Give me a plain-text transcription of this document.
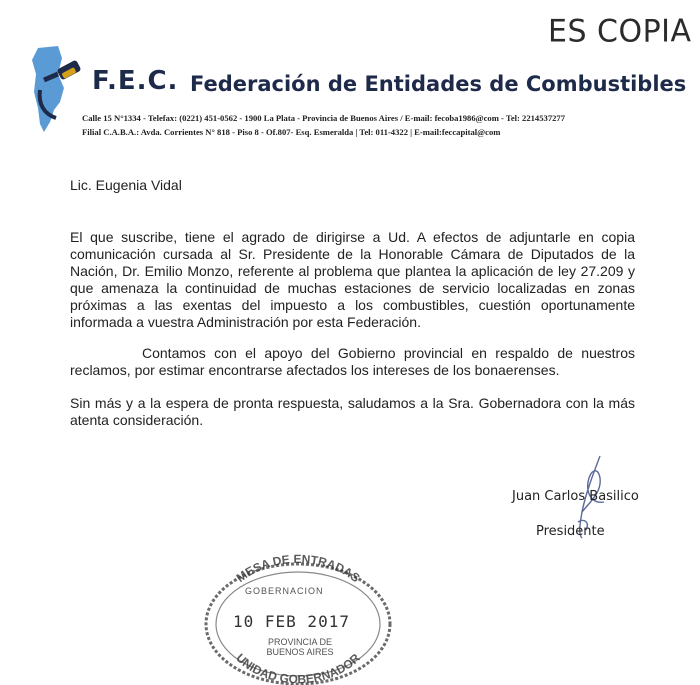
ES COPIA
F.E.C. Federación de Entidades de Combustibles
Calle 15 N°1334 - Telefax: (0221) 451-0562 - 1900 La Plata - Provincia de Buenos Aires / E-mail: fecoba1986@com - Tel: 2214537277
Filial C.A.B.A.: Avda. Corrientes N° 818 - Piso 8 - Of.807- Esq. Esmeralda | Tel: 011-4322 | E-mail:feccapital@com
Lic. Eugenia Vidal
El que suscribe, tiene el agrado de dirigirse a Ud. A efectos de adjuntarle en copia comunicación cursada al Sr. Presidente de la Honorable Cámara de Diputados de la Nación, Dr. Emilio Monzo, referente al problema que plantea la aplicación de ley 27.209 y que amenaza la continuidad de muchas estaciones de servicio localizadas en zonas próximas a las exentas del impuesto a los combustibles, cuestión oportunamente informada a vuestra Administración por esta Federación.
Contamos con el apoyo del Gobierno provincial en respaldo de nuestros reclamos, por estimar encontrarse afectados los intereses de los bonaerenses.
Sin más y a la espera de pronta respuesta, saludamos a la Sra. Gobernadora con la más atenta consideración.
Juan Carlos Basilico
Presidente
MESA DE ENTRADAS
UNIDAD GOBERNADOR
GOBERNACION
10 FEB 2017
PROVINCIA DE BUENOS AIRES
